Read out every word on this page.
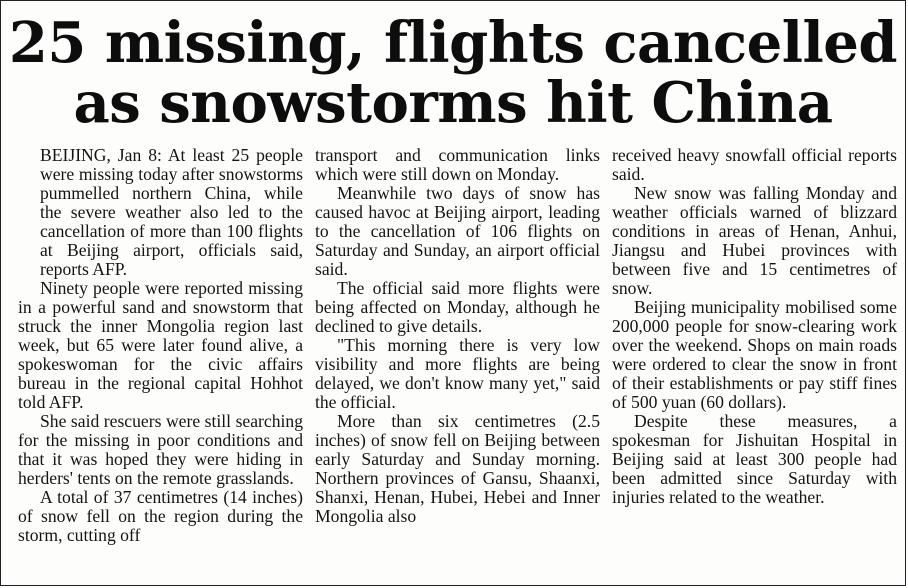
25 missing, flights cancelled
as snowstorms hit China

BEIJING, Jan 8: At least 25 people were missing today after snowstorms pummelled northern China, while the severe weather also led to the cancellation of more than 100 flights at Beijing airport, officials said, reports AFP.

Ninety people were reported missing in a powerful sand and snowstorm that struck the inner Mongolia region last week, but 65 were later found alive, a spokeswoman for the civic affairs bureau in the regional capital Hohhot told AFP.

She said rescuers were still searching for the missing in poor conditions and that it was hoped they were hiding in herders' tents on the remote grasslands.

A total of 37 centimetres (14 inches) of snow fell on the region during the storm, cutting off

transport and communication links which were still down on Monday.

Meanwhile two days of snow has caused havoc at Beijing airport, leading to the cancellation of 106 flights on Saturday and Sunday, an airport official said.

The official said more flights were being affected on Monday, although he declined to give details.

"This morning there is very low visibility and more flights are being delayed, we don't know many yet," said the official.

More than six centimetres (2.5 inches) of snow fell on Beijing between early Saturday and Sunday morning. Northern provinces of Gansu, Shaanxi, Shanxi, Henan, Hubei, Hebei and Inner Mongolia also

received heavy snowfall official reports said.

New snow was falling Monday and weather officials warned of blizzard conditions in areas of Henan, Anhui, Jiangsu and Hubei provinces with between five and 15 centimetres of snow.

Beijing municipality mobilised some 200,000 people for snow-clearing work over the weekend. Shops on main roads were ordered to clear the snow in front of their establishments or pay stiff fines of 500 yuan (60 dollars).

Despite these measures, a spokesman for Jishuitan Hospital in Beijing said at least 300 people had been admitted since Saturday with injuries related to the weather.
